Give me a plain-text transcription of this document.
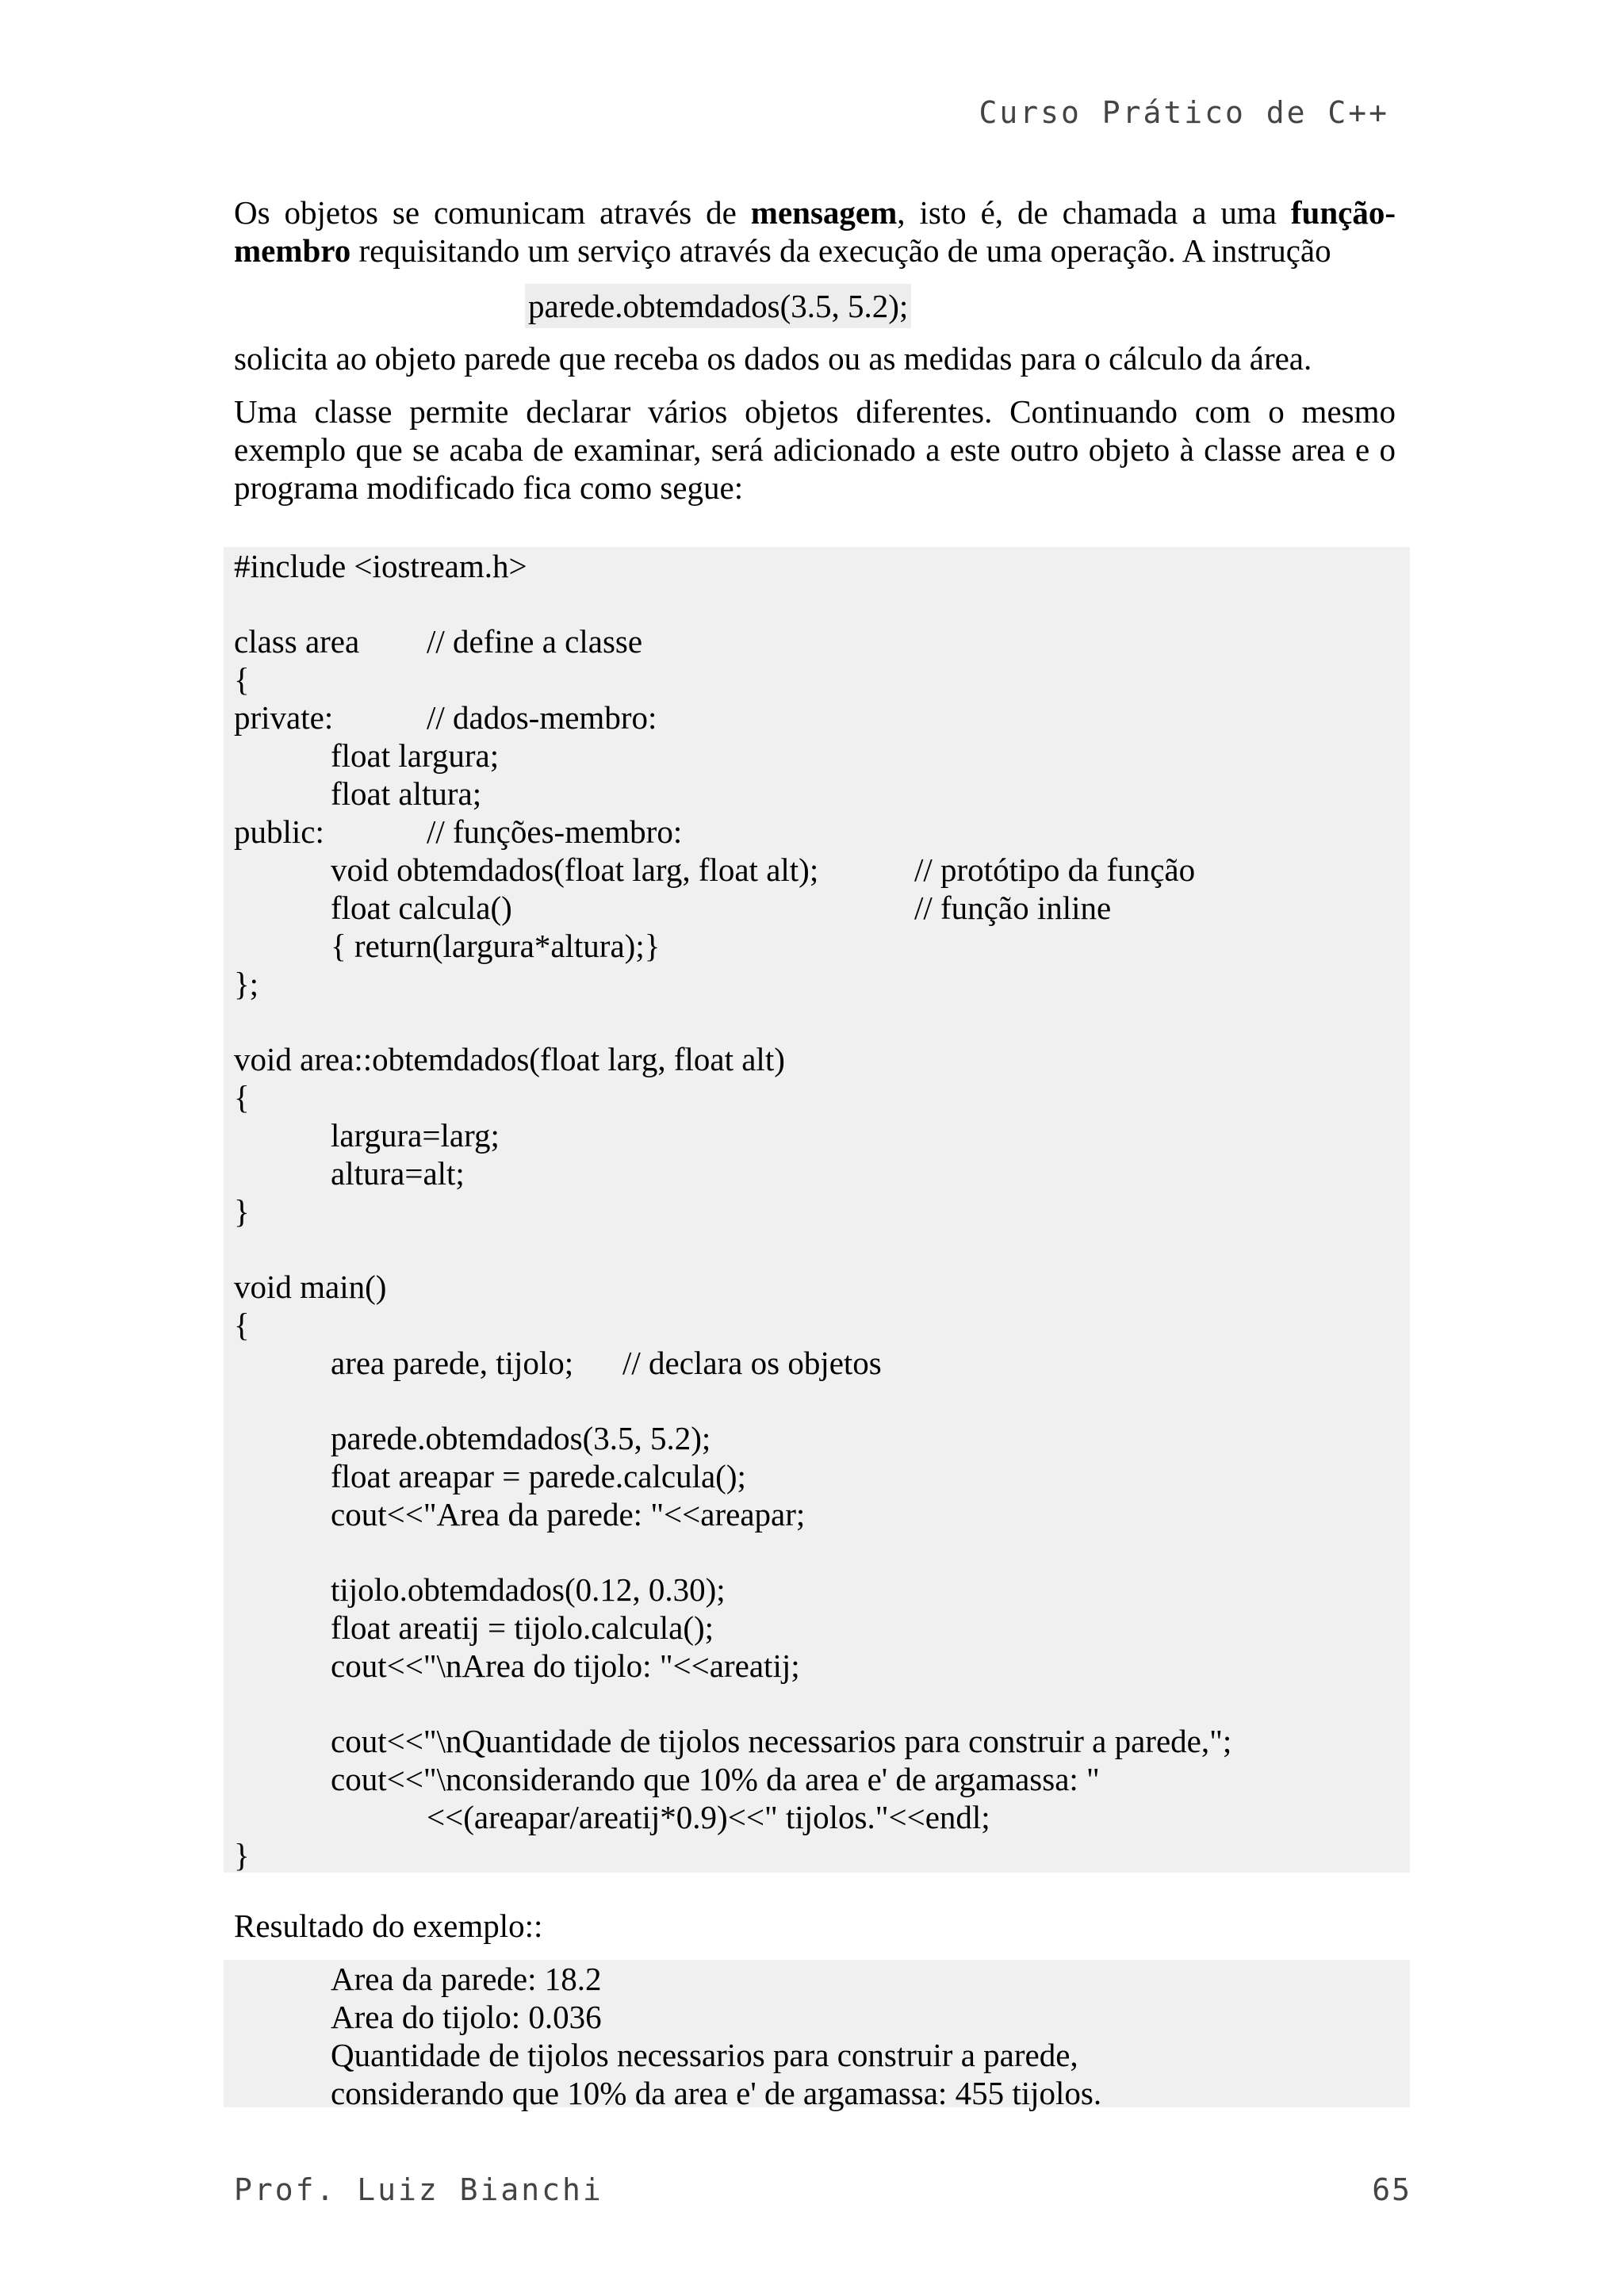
Curso Prático de C++
Os objetos se comunicam através de mensagem, isto é, de chamada a uma função-membro requisitando um serviço através da execução de uma operação. A instrução
parede.obtemdados(3.5, 5.2);
solicita ao objeto parede que receba os dados ou as medidas para o cálculo da área.
Uma classe permite declarar vários objetos diferentes. Continuando com o mesmo exemplo que se acaba de examinar, será adicionado a este outro objeto à classe area e o programa modificado fica como segue:
#include <iostream.h>
class area // define a classe
{
private:	// dados-membro:
float largura;
float altura;
public:	// funções-membro:
void obtemdados(float larg, float alt);	// protótipo da função
float calcula()	// função inline
{ return(largura*altura);}
};
void area::obtemdados(float larg, float alt)
{
largura=larg;
altura=alt;
}
void main()
{
area parede, tijolo; // declara os objetos
parede.obtemdados(3.5, 5.2);
float areapar = parede.calcula();
cout<<"Area da parede: "<<areapar;
tijolo.obtemdados(0.12, 0.30);
float areatij = tijolo.calcula();
cout<<"\nArea do tijolo: "<<areatij;
cout<<"\nQuantidade de tijolos necessarios para construir a parede,";
cout<<"\nconsiderando que 10% da area e' de argamassa: "
<<(areapar/areatij*0.9)<<" tijolos."<<endl;
}
Resultado do exemplo::
Area da parede: 18.2
Area do tijolo: 0.036
Quantidade de tijolos necessarios para construir a parede,
considerando que 10% da area e' de argamassa: 455 tijolos.
Prof. Luiz Bianchi	65
